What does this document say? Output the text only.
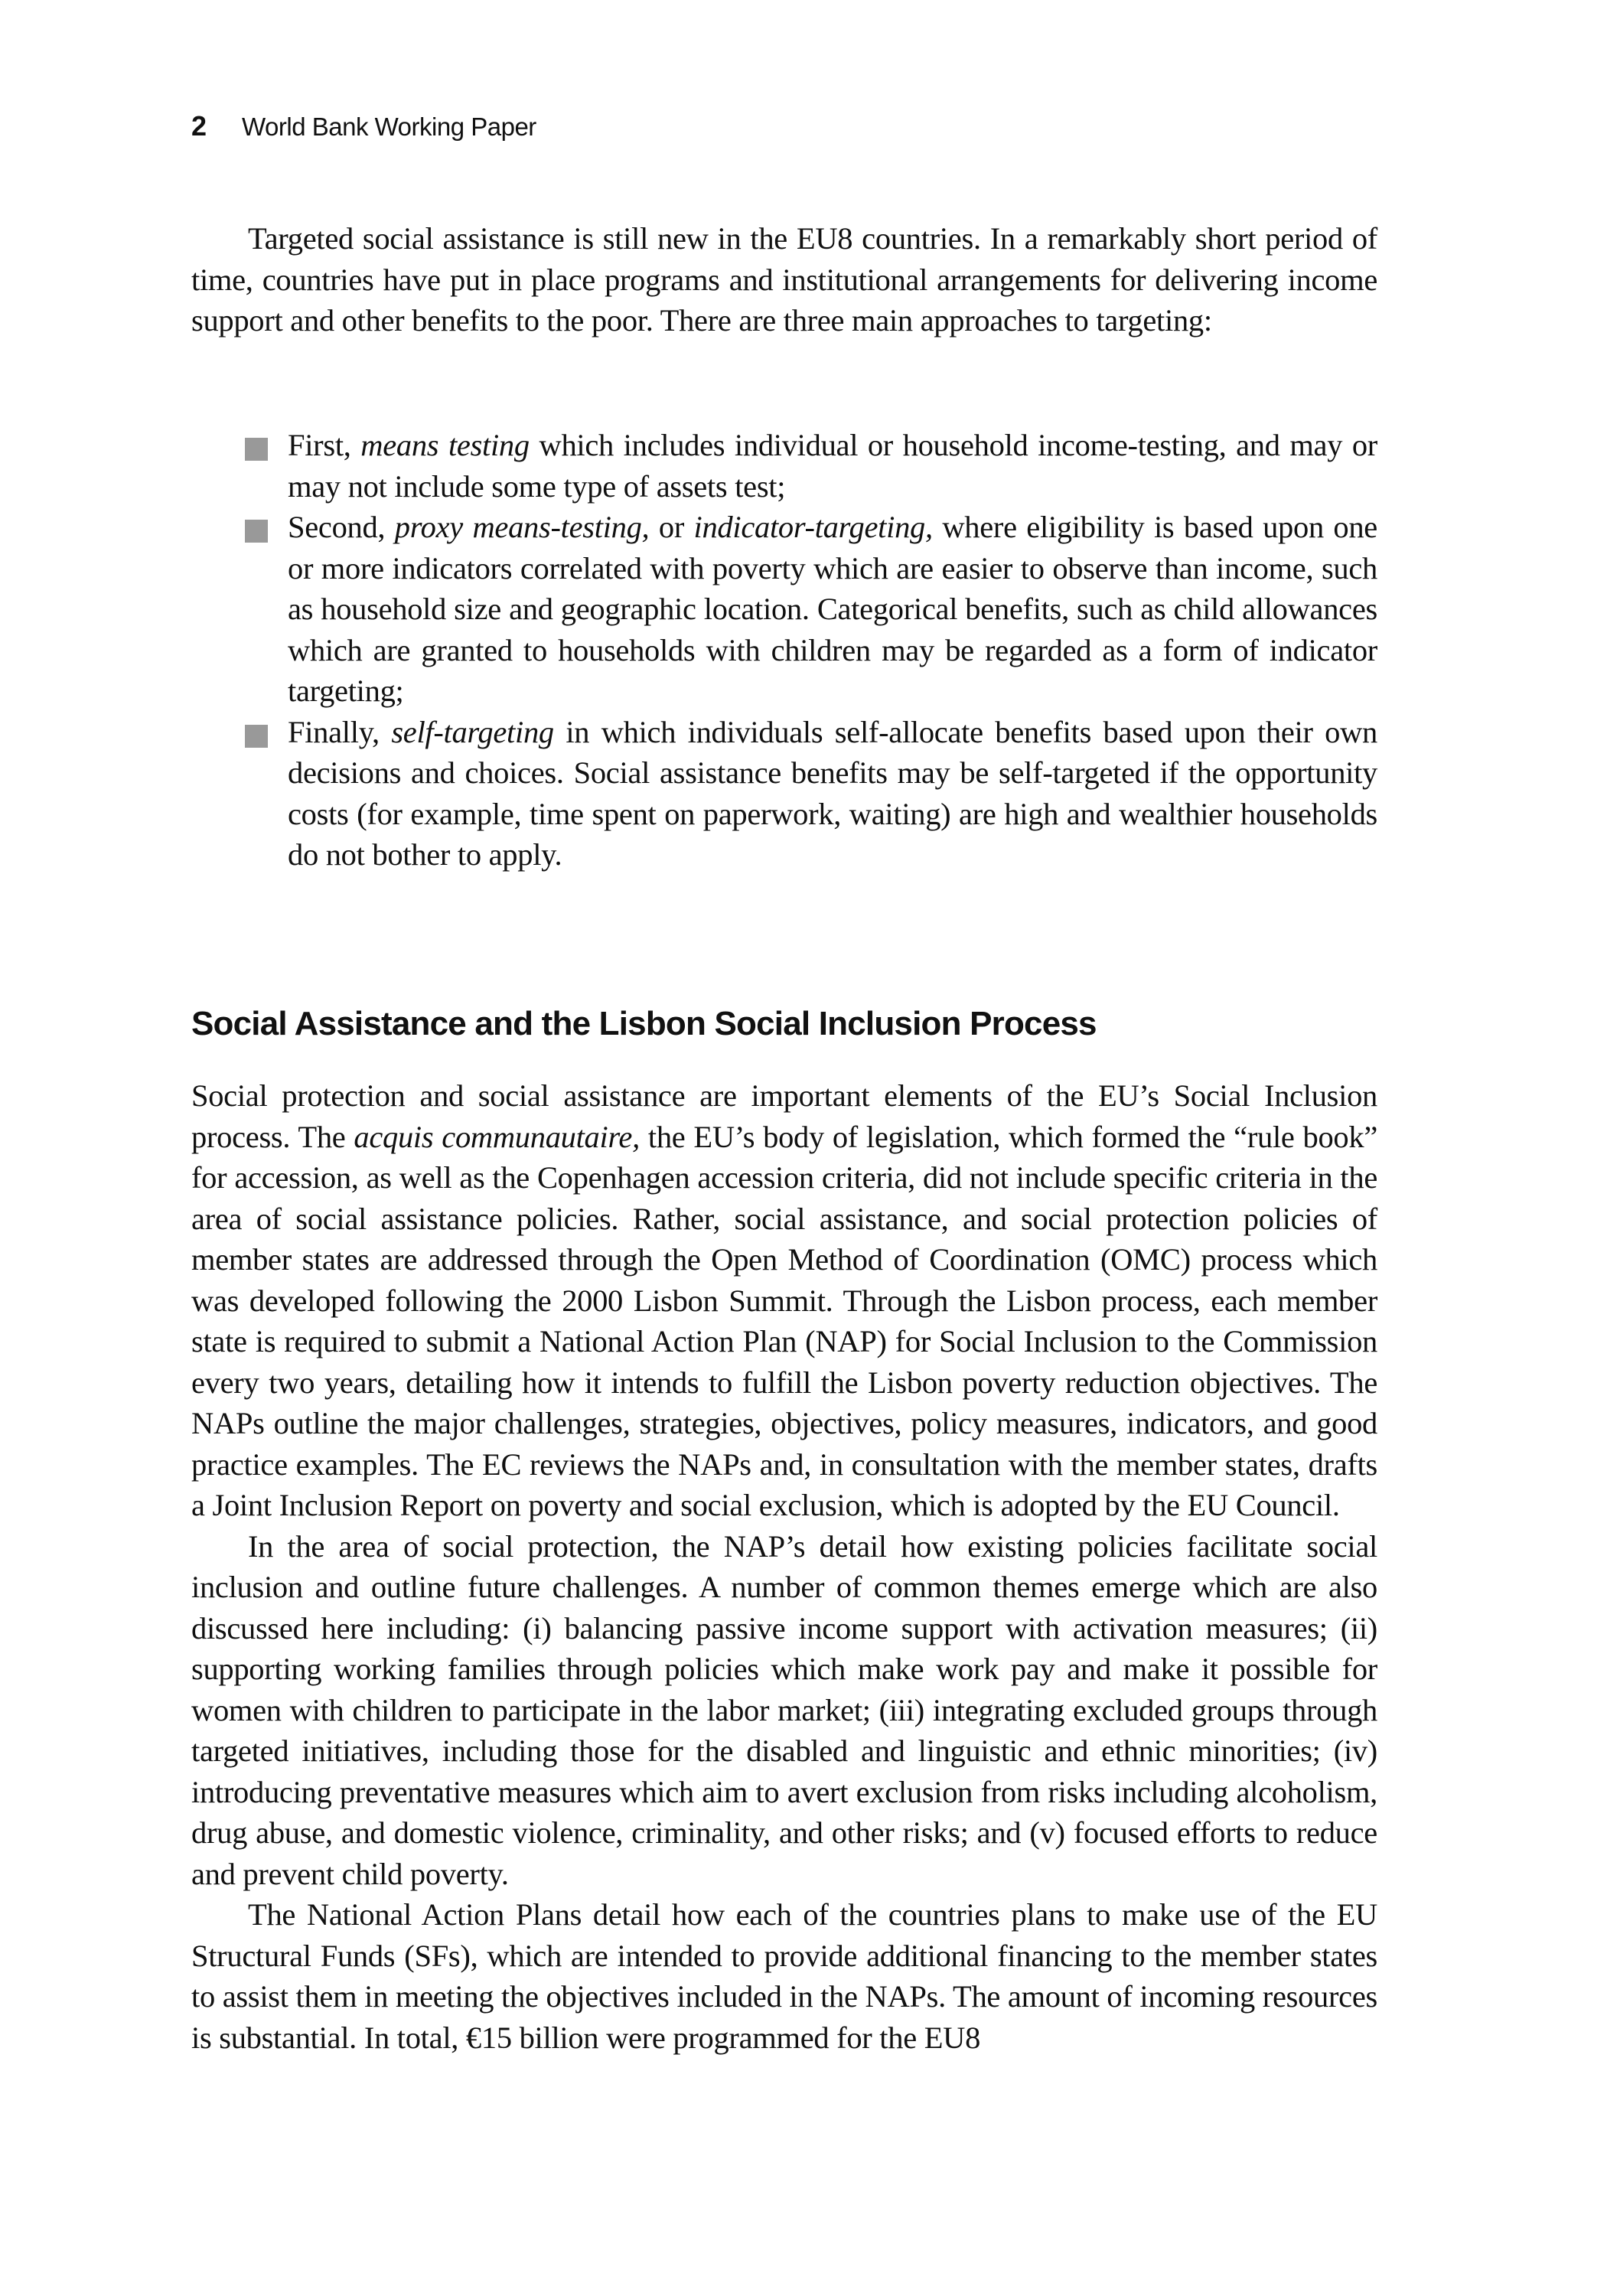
2	World Bank Working Paper

Targeted social assistance is still new in the EU8 countries. In a remarkably short period of time, countries have put in place programs and institutional arrangements for delivering income support and other benefits to the poor. There are three main approaches to targeting:

First, means testing which includes individual or household income-testing, and may or may not include some type of assets test;
Second, proxy means-testing, or indicator-targeting, where eligibility is based upon one or more indicators correlated with poverty which are easier to observe than income, such as household size and geographic location. Categorical benefits, such as child allowances which are granted to households with children may be regarded as a form of indicator targeting;
Finally, self-targeting in which individuals self-allocate benefits based upon their own decisions and choices. Social assistance benefits may be self-targeted if the opportunity costs (for example, time spent on paperwork, waiting) are high and wealthier households do not bother to apply.
Social Assistance and the Lisbon Social Inclusion Process

Social protection and social assistance are important elements of the EU’s Social Inclusion process. The acquis communautaire, the EU’s body of legislation, which formed the “rule book” for accession, as well as the Copenhagen accession criteria, did not include specific criteria in the area of social assistance policies. Rather, social assistance, and social protection policies of member states are addressed through the Open Method of Coordination (OMC) process which was developed following the 2000 Lisbon Summit. Through the Lisbon process, each member state is required to submit a National Action Plan (NAP) for Social Inclusion to the Commission every two years, detailing how it intends to fulfill the Lisbon poverty reduction objectives. The NAPs outline the major challenges, strategies, objectives, policy measures, indicators, and good practice examples. The EC reviews the NAPs and, in consultation with the member states, drafts a Joint Inclusion Report on poverty and social exclusion, which is adopted by the EU Council.

In the area of social protection, the NAP’s detail how existing policies facilitate social inclusion and outline future challenges. A number of common themes emerge which are also discussed here including: (i) balancing passive income support with activation measures; (ii) supporting working families through policies which make work pay and make it possible for women with children to participate in the labor market; (iii) integrating excluded groups through targeted initiatives, including those for the disabled and linguistic and ethnic minorities; (iv) introducing preventative measures which aim to avert exclusion from risks including alcoholism, drug abuse, and domestic violence, criminality, and other risks; and (v) focused efforts to reduce and prevent child poverty.

The National Action Plans detail how each of the countries plans to make use of the EU Structural Funds (SFs), which are intended to provide additional financing to the member states to assist them in meeting the objectives included in the NAPs. The amount of incoming resources is substantial. In total, €15 billion were programmed for the EU8
